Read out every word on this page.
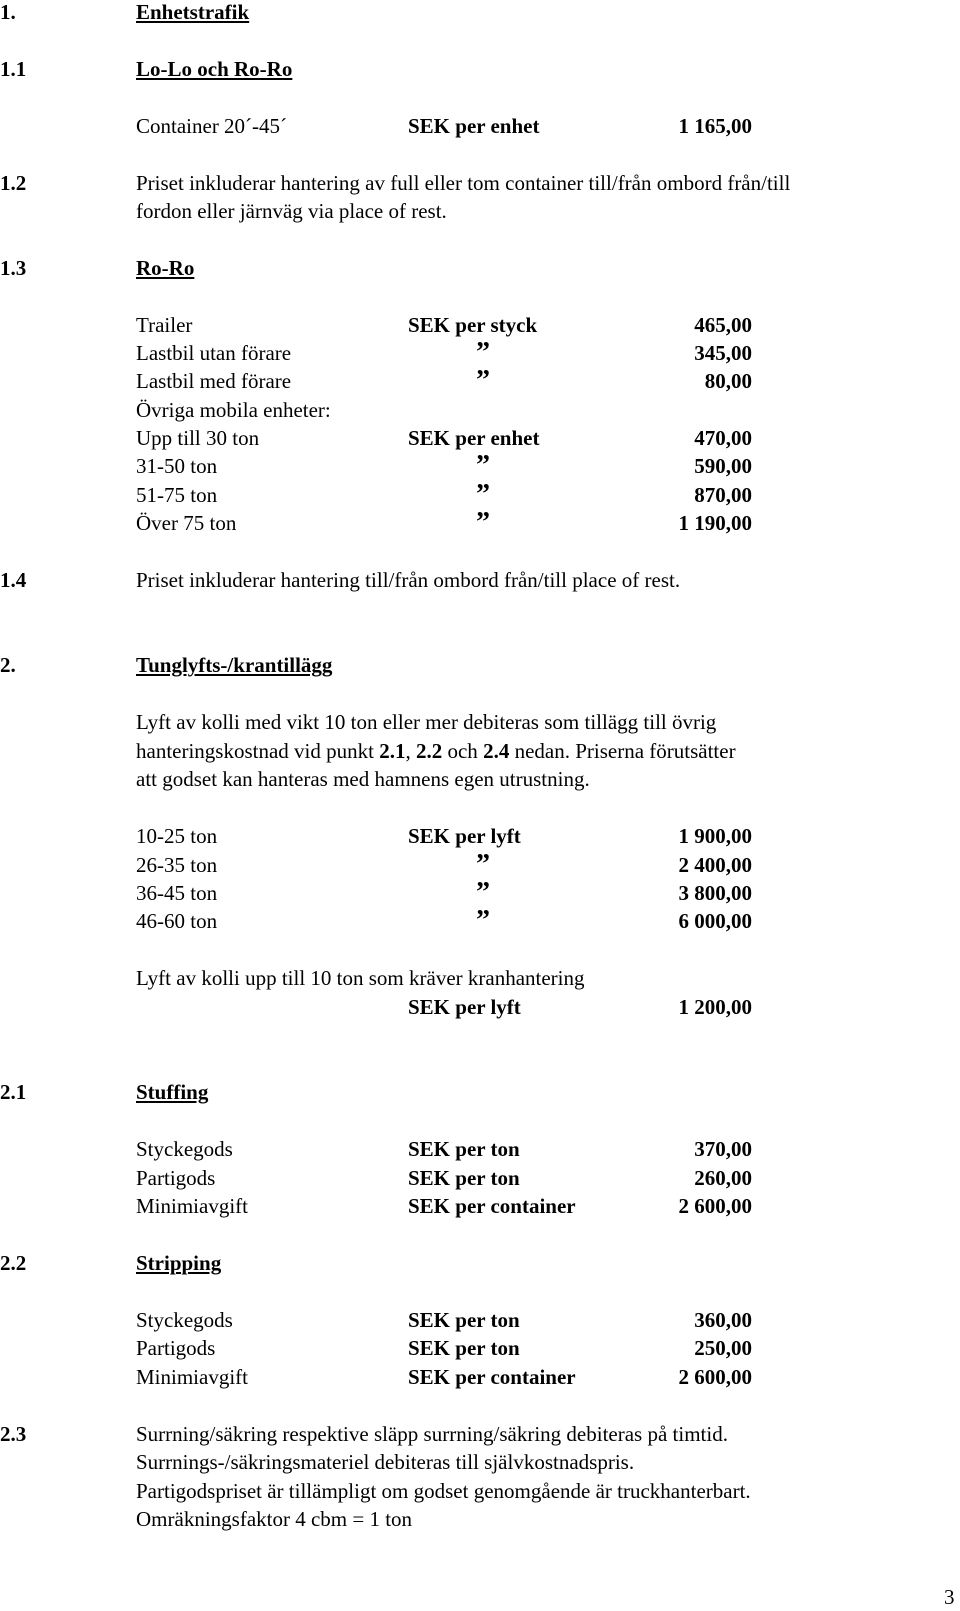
1.	Enhetstrafik
1.1	Lo-Lo och Ro-Ro
Container 20´-45´	SEK per enhet	1 165,00
1.2	Priset inkluderar hantering av full eller tom container till/från ombord från/till
fordon eller järnväg via place of rest.
1.3	Ro-Ro
Trailer	SEK per styck	465,00
Lastbil utan förare	”	345,00
Lastbil med förare	”	80,00
Övriga mobila enheter:
Upp till 30 ton	SEK per enhet	470,00
31-50 ton	”	590,00
51-75 ton	”	870,00
Över 75 ton	”	1 190,00
1.4	Priset inkluderar hantering till/från ombord från/till place of rest.
2.	Tunglyfts-/krantillägg
Lyft av kolli med vikt 10 ton eller mer debiteras som tillägg till övrig
hanteringskostnad vid punkt 2.1, 2.2 och 2.4 nedan. Priserna förutsätter
att godset kan hanteras med hamnens egen utrustning.
10-25 ton	SEK per lyft	1 900,00
26-35 ton	”	2 400,00
36-45 ton	”	3 800,00
46-60 ton	”	6 000,00
Lyft av kolli upp till 10 ton som kräver kranhantering
SEK per lyft	1 200,00
2.1	Stuffing
Styckegods	SEK per ton	370,00
Partigods	SEK per ton	260,00
Minimiavgift	SEK per container	2 600,00
2.2	Stripping
Styckegods	SEK per ton	360,00
Partigods	SEK per ton	250,00
Minimiavgift	SEK per container	2 600,00
2.3	Surrning/säkring respektive släpp surrning/säkring debiteras på timtid.
Surrnings-/säkringsmateriel debiteras till självkostnadspris.
Partigodspriset är tillämpligt om godset genomgående är truckhanterbart.
Omräkningsfaktor 4 cbm = 1 ton
3
